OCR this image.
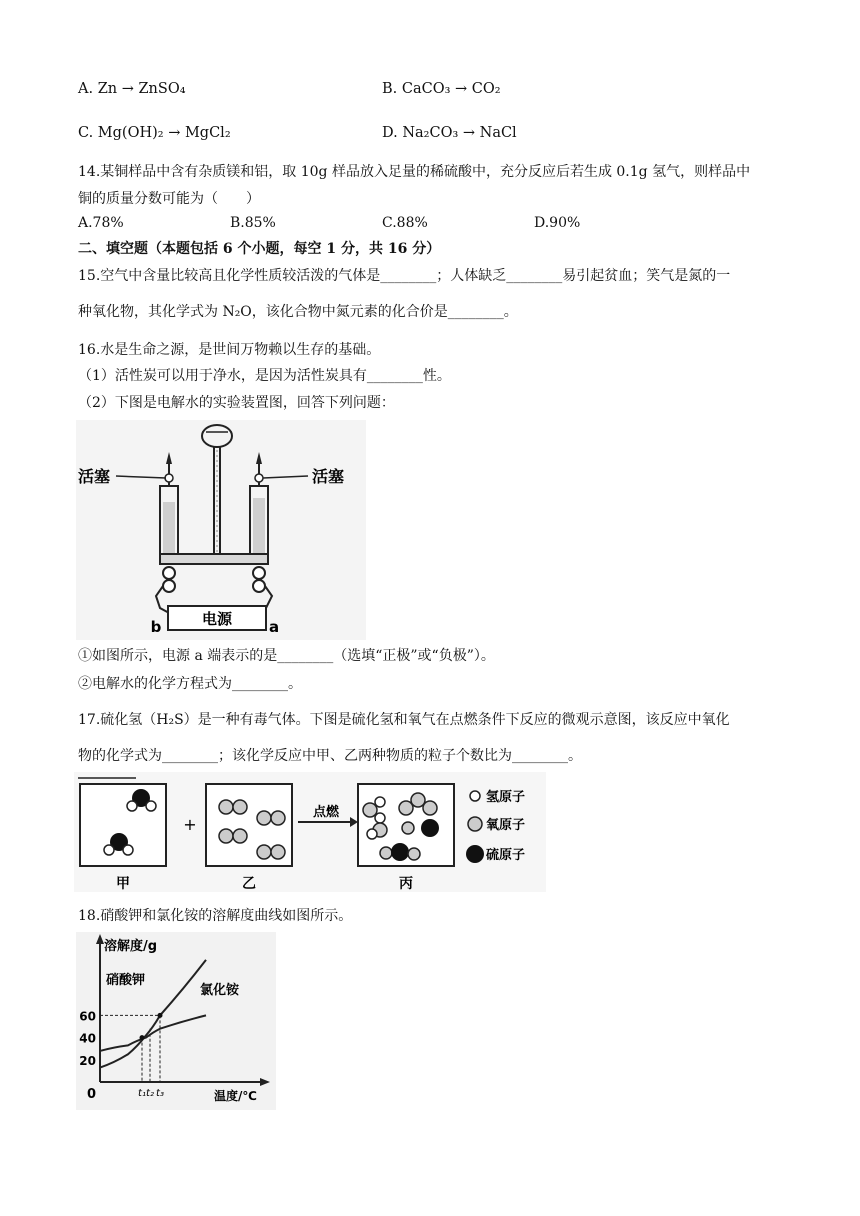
A. Zn → ZnSO₄	B. CaCO₃ → CO₂
C. Mg(OH)₂ → MgCl₂	D. Na₂CO₃ → NaCl
14.某铜样品中含有杂质镁和铝，取 10g 样品放入足量的稀硫酸中，充分反应后若生成 0.1g 氢气，则样品中
铜的质量分数可能为（　　）
A.78%	B.85%	C.88%	D.90%
二、填空题（本题包括 6 个小题，每空 1 分，共 16 分）
15.空气中含量比较高且化学性质较活泼的气体是________；人体缺乏________易引起贫血；笑气是氮的一
种氧化物，其化学式为 N₂O，该化合物中氮元素的化合价是________。
16.水是生命之源，是世间万物赖以生存的基础。
（1）活性炭可以用于净水，是因为活性炭具有________性。
（2）下图是电解水的实验装置图，回答下列问题：
电源
b	a
活塞	活塞
①如图所示，电源 a 端表示的是________（选填“正极”或“负极”）。
②电解水的化学方程式为________。
17.硫化氢（H₂S）是一种有毒气体。下图是硫化氢和氧气在点燃条件下反应的微观示意图，该反应中氧化
物的化学式为________；该化学反应中甲、乙两种物质的粒子个数比为________。
甲
+
乙
点燃
丙
氢原子
氧原子
硫原子
18.硝酸钾和氯化铵的溶解度曲线如图所示。
溶解度/g
温度/℃
0
20
40
60
硝酸钾
氯化铵
t₁ t₂ t₃
